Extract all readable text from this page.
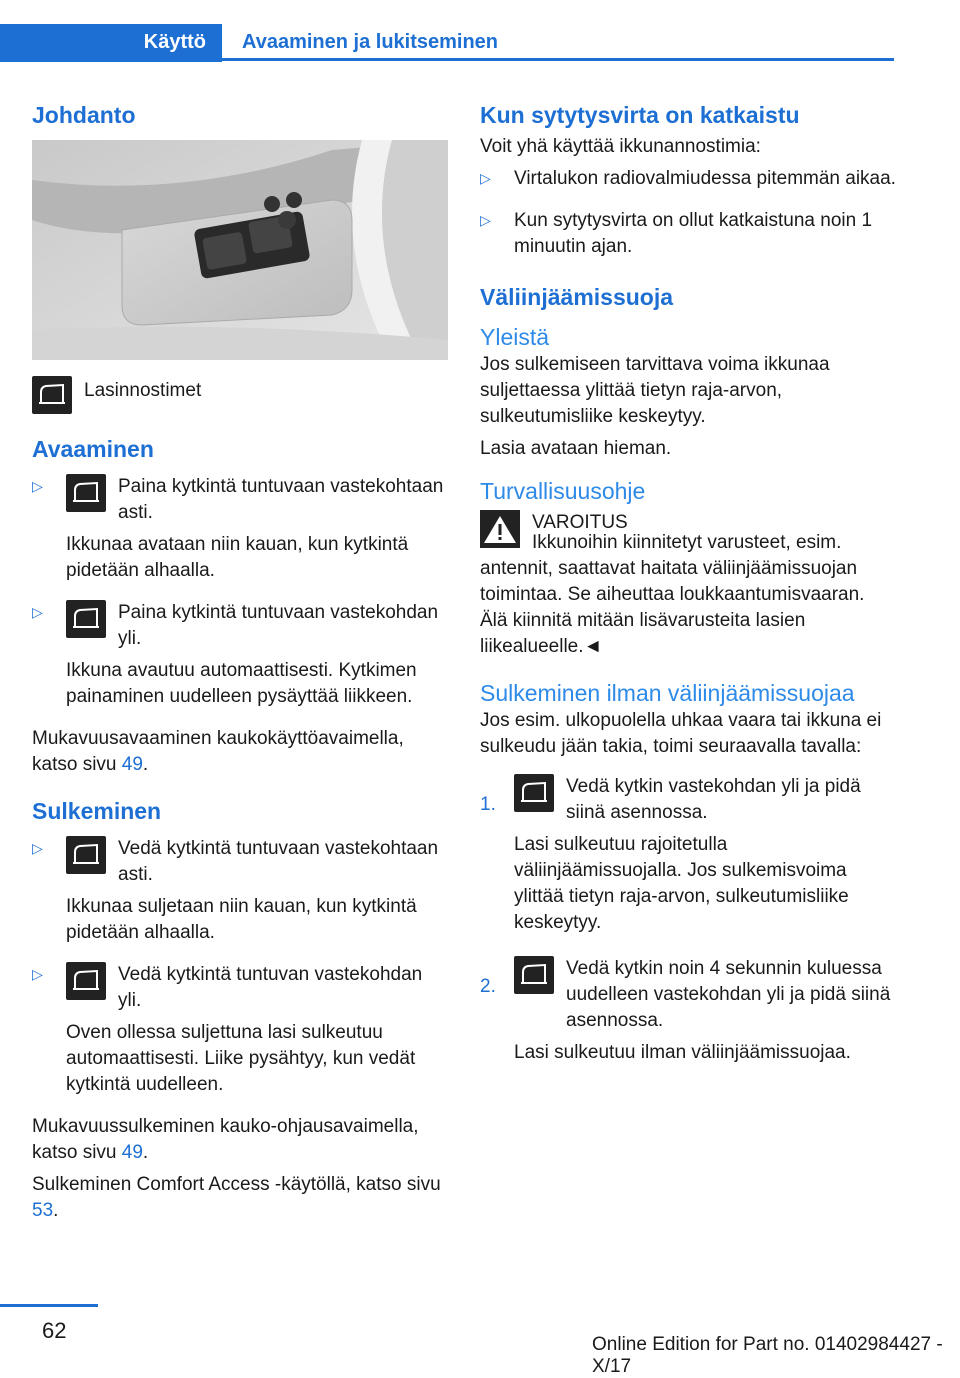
Käyttö	Avaaminen ja lukitseminen
Johdanto
Lasinnostimet
Avaaminen
▷	Paina kytkintä tuntuvaan vastekohtaan asti.

Ikkunaa avataan niin kauan, kun kytkintä pidetään alhaalla.

▷	Paina kytkintä tuntuvaan vastekohdan yli.

Ikkuna avautuu automaattisesti. Kytkimen painaminen uudelleen pysäyttää liikkeen.

Mukavuusavaaminen kaukokäyttöavaimella, katso sivu 49.

Sulkeminen
▷	Vedä kytkintä tuntuvaan vastekohtaan asti.

Ikkunaa suljetaan niin kauan, kun kytkintä pidetään alhaalla.

▷	Vedä kytkintä tuntuvan vastekohdan yli.

Oven ollessa suljettuna lasi sulkeutuu automaattisesti. Liike pysähtyy, kun vedät kytkintä uudelleen.

Mukavuussulkeminen kauko-ohjausavaimella, katso sivu 49.

Sulkeminen Comfort Access -käytöllä, katso sivu 53.

Kun sytytysvirta on katkaistu

Voit yhä käyttää ikkunannostimia:

▷	Virtalukon radiovalmiudessa pitemmän aikaa.

▷	Kun sytytysvirta on ollut katkaistuna noin 1 minuutin ajan.

Väliinjäämissuoja
Yleistä

Jos sulkemiseen tarvittava voima ikkunaa suljettaessa ylittää tietyn raja-arvon, sulkeutumisliike keskeytyy.

Lasia avataan hieman.

Turvallisuusohje

VAROITUS

Ikkunoihin kiinnitetyt varusteet, esim. antennit, saattavat haitata väliinjäämissuojan toimintaa. Se aiheuttaa loukkaantumisvaaran. Älä kiinnitä mitään lisävarusteita lasien liikealueelle.◄

Sulkeminen ilman väliinjäämissuojaa

Jos esim. ulkopuolella uhkaa vaara tai ikkuna ei sulkeudu jään takia, toimi seuraavalla tavalla:

1.

Vedä kytkin vastekohdan yli ja pidä siinä asennossa.

Lasi sulkeutuu rajoitetulla väliinjäämissuojalla. Jos sulkemisvoima ylittää tietyn raja-arvon, sulkeutumisliike keskeytyy.

2.

Vedä kytkin noin 4 sekunnin kuluessa uudelleen vastekohdan yli ja pidä siinä asennossa.

Lasi sulkeutuu ilman väliinjäämissuojaa.

62
Online Edition for Part no. 01402984427 - X/17
